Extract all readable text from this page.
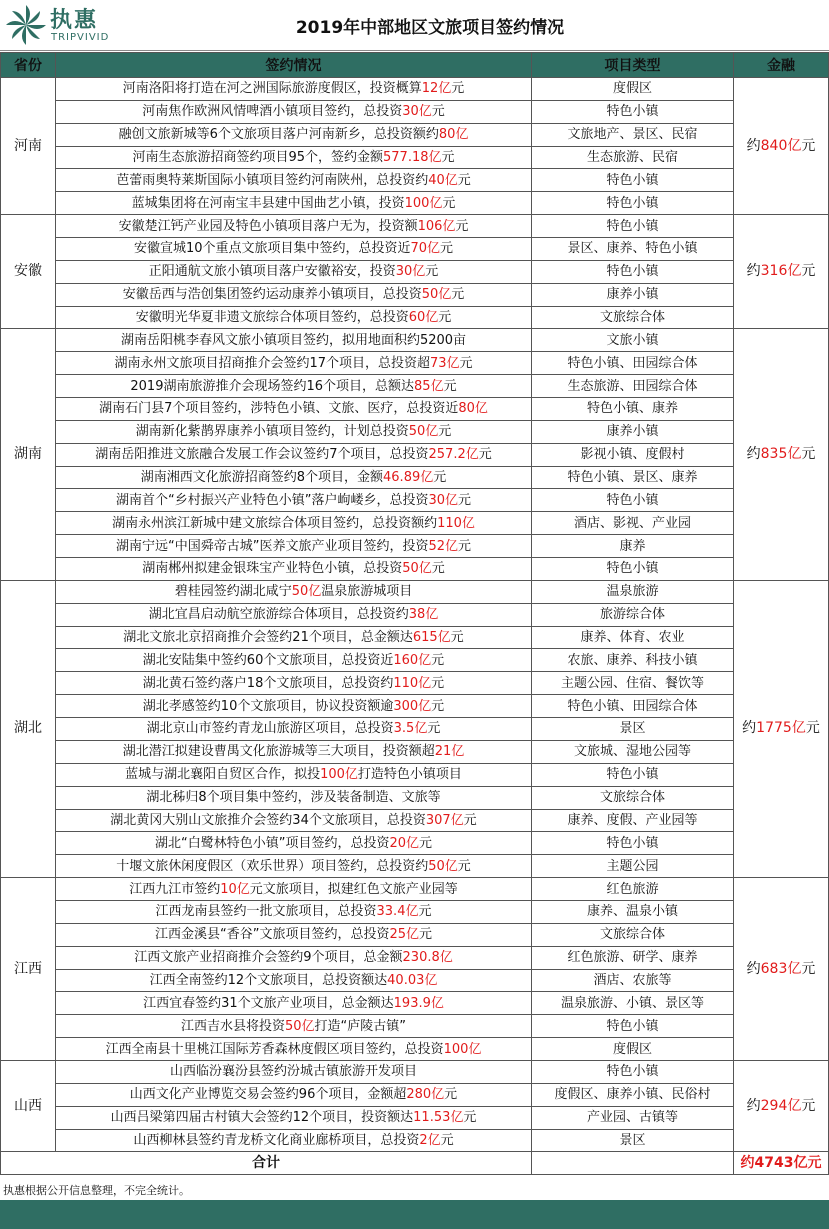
执惠
TRIPVIVID	2019年中部地区文旅项目签约情况
省份	签约情况	项目类型	金融
河南	河南洛阳将打造在河之洲国际旅游度假区，投资概算12亿元	度假区	约840亿元
	河南焦作欧洲风情啤酒小镇项目签约，总投资30亿元	特色小镇	
	融创文旅新城等6个文旅项目落户河南新乡，总投资额约80亿	文旅地产、景区、民宿	
	河南生态旅游招商签约项目95个，签约金额577.18亿元	生态旅游、民宿	
	芭蕾雨奥特莱斯国际小镇项目签约河南陕州，总投资约40亿元	特色小镇	
	蓝城集团将在河南宝丰县建中国曲艺小镇，投资100亿元	特色小镇	
安徽	安徽楚江钙产业园及特色小镇项目落户无为，投资额106亿元	特色小镇	约316亿元
	安徽宣城10个重点文旅项目集中签约，总投资近70亿元	景区、康养、特色小镇	
	正阳通航文旅小镇项目落户安徽裕安，投资30亿元	特色小镇	
	安徽岳西与浩创集团签约运动康养小镇项目，总投资50亿元	康养小镇	
	安徽明光华夏非遗文旅综合体项目签约，总投资60亿元	文旅综合体	
湖南	湖南岳阳桃李春风文旅小镇项目签约，拟用地面积约5200亩	文旅小镇	约835亿元
	湖南永州文旅项目招商推介会签约17个项目，总投资超73亿元	特色小镇、田园综合体	
	2019湖南旅游推介会现场签约16个项目，总额达85亿元	生态旅游、田园综合体	
	湖南石门县7个项目签约，涉特色小镇、文旅、医疗，总投资近80亿	特色小镇、康养	
	湖南新化紫鹊界康养小镇项目签约，计划总投资50亿元	康养小镇	
	湖南岳阳推进文旅融合发展工作会议签约7个项目，总投资257.2亿元	影视小镇、度假村	
	湖南湘西文化旅游招商签约8个项目，金额46.89亿元	特色小镇、景区、康养	
	湖南首个“乡村振兴产业特色小镇”落户岣嵝乡，总投资30亿元	特色小镇	
	湖南永州滨江新城中建文旅综合体项目签约，总投资额约110亿	酒店、影视、产业园	
	湖南宁远“中国舜帝古城”医养文旅产业项目签约，投资52亿元	康养	
	湖南郴州拟建金银珠宝产业特色小镇，总投资50亿元	特色小镇	
湖北	碧桂园签约湖北咸宁50亿温泉旅游城项目	温泉旅游	约1775亿元
	湖北宜昌启动航空旅游综合体项目，总投资约38亿	旅游综合体	
	湖北文旅北京招商推介会签约21个项目，总金额达615亿元	康养、体育、农业	
	湖北安陆集中签约60个文旅项目，总投资近160亿元	农旅、康养、科技小镇	
	湖北黄石签约落户18个文旅项目，总投资约110亿元	主题公园、住宿、餐饮等	
	湖北孝感签约10个文旅项目，协议投资额逾300亿元	特色小镇、田园综合体	
	湖北京山市签约青龙山旅游区项目，总投资3.5亿元	景区	
	湖北潜江拟建设曹禺文化旅游城等三大项目，投资额超21亿	文旅城、湿地公园等	
	蓝城与湖北襄阳自贸区合作，拟投100亿打造特色小镇项目	特色小镇	
	湖北秭归8个项目集中签约，涉及装备制造、文旅等	文旅综合体	
	湖北黄冈大别山文旅推介会签约34个文旅项目，总投资307亿元	康养、度假、产业园等	
	湖北“白鹭林特色小镇”项目签约，总投资20亿元	特色小镇	
	十堰文旅休闲度假区（欢乐世界）项目签约，总投资约50亿元	主题公园	
江西	江西九江市签约10亿元文旅项目，拟建红色文旅产业园等	红色旅游	约683亿元
	江西龙南县签约一批文旅项目，总投资33.4亿元	康养、温泉小镇	
	江西金溪县“香谷”文旅项目签约，总投资25亿元	文旅综合体	
	江西文旅产业招商推介会签约9个项目，总金额230.8亿	红色旅游、研学、康养	
	江西全南签约12个文旅项目，总投资额达40.03亿	酒店、农旅等	
	江西宜春签约31个文旅产业项目，总金额达193.9亿	温泉旅游、小镇、景区等	
	江西吉水县将投资50亿打造“庐陵古镇”	特色小镇	
	江西全南县十里桃江国际芳香森林度假区项目签约，总投资100亿	度假区	
山西	山西临汾襄汾县签约汾城古镇旅游开发项目	特色小镇	约294亿元
	山西文化产业博览交易会签约96个项目，金额超280亿元	度假区、康养小镇、民俗村	
	山西吕梁第四届古村镇大会签约12个项目，投资额达11.53亿元	产业园、古镇等	
	山西柳林县签约青龙桥文化商业廊桥项目，总投资2亿元	景区	
合计			约4743亿元
执惠根据公开信息整理，不完全统计。
